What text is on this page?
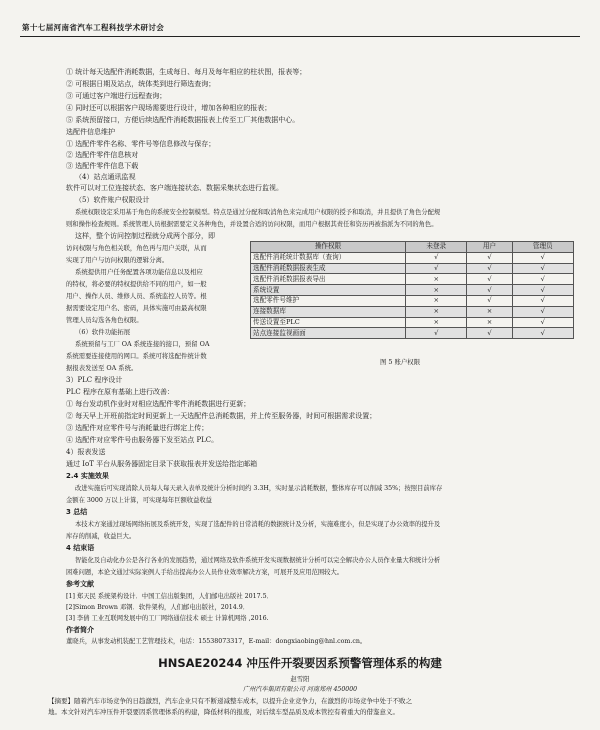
第十七届河南省汽车工程科技学术研讨会
① 统计每天选配件消耗数据，生成每日、每月及每年相应的柱状图，报表等；
② 可根据日期及站点，统体类到进行筛选查询；
③ 可通过客户端进行远程查询；
④ 同时还可以根据客户现场需要进行设计，增加各种相应的报表；
⑤ 系统预留接口，方便后续选配件消耗数据报表上传至工厂其他数据中心。
选配件信息维护
① 选配件零件名称、零件号等信息修改与保存；
② 选配件零件信息核对
③ 选配件零件信息下载
（4）站点通讯监视
软件可以对工位连接状态、客户端连接状态、数据采集状态进行监视。
（5）软件账户权限设计
系统权限设定采用基于角色的系统安全控制模型。特点是通过分配和取消角色来完成用户权限的授予和取消，并且提供了角色分配规
则和操作检查规则。系统管理人员根据需要定义各种角色，并设置合适的访问权限，而用户根据其责任和资历再被指派为不同的角色。
这样，整个访问控制过程就分成两个部分，即
访问权限与角色相关联，角色再与用户关联，从而
实现了用户与访问权限的逻辑分离。
系统提供用户任务配置各项功能信息以及相应
的特权，将必要的特权提供给不同的用户，如一般
用户、操作人员、维修人员、系统监控人员等。根
据需要设定用户名、密码，具体实施可由最高权限
管理人员勾选各角色权限。
（6）软件功能拓展
系统预留与工厂 OA 系统连接的接口，预留 OA
系统需要连接使用的网口。系统可将选配件统计数
据报表发送至 OA 系统。
操作权限	未登录	用户	管理员
选配件消耗统计数据库（查询）	√	√	√
选配件消耗数据报表生成	√	√	√
选配件消耗数据报表导出	×	√	√
系统设置	×	√	√
选配零件号维护	×	√	√
连接数据库	×	×	√
传送设置至PLC	×	×	√
站点连接监视画面	√	√	√
图 5 账户权限
3）PLC 程序设计
PLC 程序在原有基础上进行改善：
① 每台发动机作业时对相应选配件零件消耗数据进行更新；
② 每天早上开班前指定时间更新上一天选配件总消耗数据，并上传至服务器，时间可根据需求设置；
③ 选配件对应零件号与消耗量进行绑定上传；
④ 选配件对应零件号由服务器下发至站点 PLC。
4）报表发送
通过 IoT 平台从服务器固定目录下获取报表并发送给指定邮箱
2.4 实施效果
改进实施后可实现消除人员每人每天录入表单及统计分析时间约 3.3H，实时显示消耗数据，整体库存可以削减 35%；按照目前库存
金额在 3000 万以上计算，可实现每年巨额收益收益
3 总结
本技术方案通过现场网络拓展及系统开发，实现了选配件的日常消耗的数据统计及分析，实施难度小，但是实现了办公效率的提升及
库存的削减，收益巨大。
4 结束语
智能化及自动化办公是各行各业的发展趋势，通过网络及软件系统开发实现数据统计分析可以完全解决办公人员作业量大和统计分析
困难问题，本论文通过实际案例人手给出提高办公人员作业效率解决方案，可展开及应用范围较大。
参考文献
[1] 郑天民 系统架构设计．中国工信出版集团，人们邮电出版社 2017.5．
[2]Simon Brown 邓钢．软件架构，人们邮电出版社，2014.9．
[3] 李倩 工业互联网发展中的工厂网络通信技术 硕士 计算机网络 ,2016.
作者简介
董晓兵，从事发动机装配工艺管理技术，电话：15538073317，E-mail：dongxiaobing@hnl.com.cn。
HNSAE20244 冲压件开裂要因系预警管理体系的构建
赵雪阳
广州汽车集团有限公司 河南郑州 450000
【摘要】随着汽车市场竞争的日趋激烈，汽车企业只有不断递减整车成本，以提升企业竞争力，在激烈的市场竞争中处于不败之
地。本文针对汽车冲压件开裂要因系管理体系的构建，降低材料的报废，对后续车型品质及成本管控有着重大的借鉴意义。
